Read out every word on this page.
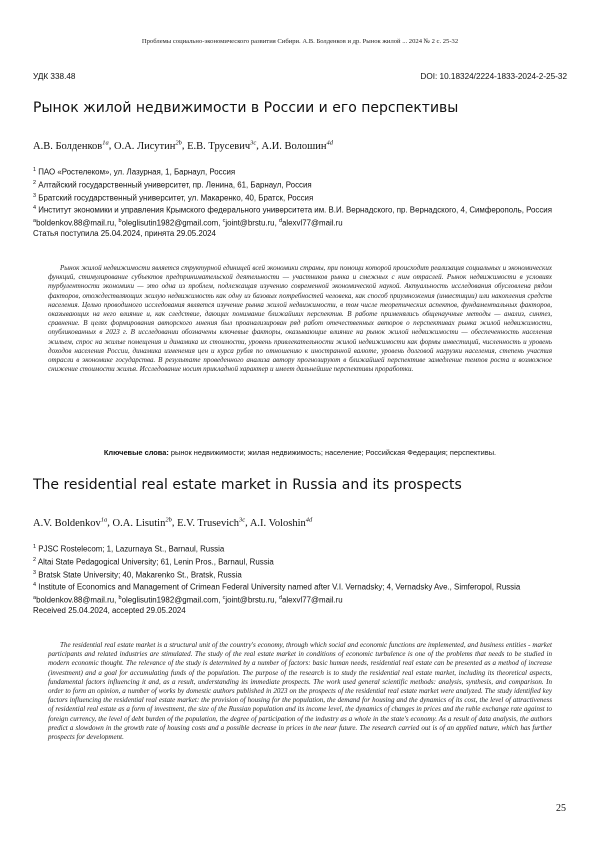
Проблемы социально-экономического развития Сибири. А.В. Болденков и др. Рынок жилой ... 2024 № 2 с. 25-32
УДК 338.48	DOI: 10.18324/2224-1833-2024-2-25-32
Рынок жилой недвижимости в России и его перспективы
А.В. Болденков$^{1a}$, О.А. Лисутин$^{2b}$, Е.В. Трусевич$^{3c}$, А.И. Волошин$^{4d}$

$^1$ ПАО «Ростелеком», ул. Лазурная, 1, Барнаул, Россия

$^2$ Алтайский государственный университет, пр. Ленина, 61, Барнаул, Россия

$^3$ Братский государственный университет, ул. Макаренко, 40, Братск, Россия

$^4$ Институт экономики и управления Крымского федерального университета им. В.И. Вернадского, пр. Вернадского, 4, Симферополь, Россия

$^a$boldenkov.88@mail.ru, $^b$oleglisutin1982@gmail.com, $^c$joint@brstu.ru, $^d$alexvl77@mail.ru

Статья поступила 25.04.2024, принята 29.05.2024

Рынок жилой недвижимости является структурной единицей всей экономики страны, при помощи которой происходит реализация социальных и экономических функций, стимулирование субъектов предпринимательской деятельности — участников рынка и смежных с ним отраслей. Рынок недвижимости в условиях турбулентности экономики — это одна из проблем, подлежащая изучению современной экономической наукой. Актуальность исследования обусловлена рядом факторов, отождествляющих жилую недвижимость как одну из базовых потребностей человека, как способ приумножения (инвестиции) или накопления средств населения. Целью проводимого исследования является изучение рынка жилой недвижимости, в том числе теоретических аспектов, фундаментальных факторов, оказывающих на него влияние и, как следствие, дающих понимание ближайших перспектив. В работе применялись общенаучные методы — анализ, синтез, сравнение. В целях формирования авторского мнения был проанализирован ряд работ отечественных авторов о перспективах рынка жилой недвижимости, опубликованных в 2023 г. В исследовании обозначены ключевые факторы, оказывающие влияние на рынок жилой недвижимости — обеспеченность населения жильем, спрос на жилые помещения и динамика их стоимости, уровень привлекательности жилой недвижимости как формы инвестиций, численность и уровень доходов населения России, динамика изменения цен и курса рубля по отношению к иностранной валюте, уровень долговой нагрузки населения, степень участия отрасли в экономике государства. В результате проведенного анализа автору прогнозируют в ближайшей перспективе замедление темпов роста и возможное снижение стоимости жилья. Исследование носит прикладной характер и имеет дальнейшие перспективы проработки.

Ключевые слова: рынок недвижимости; жилая недвижимость; население; Российская Федерация; перспективы.
The residential real estate market in Russia and its prospects
A.V. Boldenkov$^{1a}$, O.A. Lisutin$^{2b}$, E.V. Trusevich$^{3c}$, A.I. Voloshin$^{4d}$

$^1$ PJSC Rostelecom; 1, Lazurnaya St., Barnaul, Russia

$^2$ Altai State Pedagogical University; 61, Lenin Pros., Barnaul, Russia

$^3$ Bratsk State University; 40, Makarenko St., Bratsk, Russia

$^4$ Institute of Economics and Management of Crimean Federal University named after V.I. Vernadsky; 4, Vernadsky Ave., Simferopol, Russia

$^a$boldenkov.88@mail.ru, $^b$oleglisutin1982@gmail.com, $^c$joint@brstu.ru, $^d$alexvl77@mail.ru

Received 25.04.2024, accepted 29.05.2024

The residential real estate market is a structural unit of the country's economy, through which social and economic functions are implemented, and business entities - market participants and related industries are stimulated. The study of the real estate market in conditions of economic turbulence is one of the problems that needs to be studied in modern economic thought. The relevance of the study is determined by a number of factors: basic human needs, residential real estate can be presented as a method of increase (investment) and a goal for accumulating funds of the population. The purpose of the research is to study the residential real estate market, including its theoretical aspects, fundamental factors influencing it and, as a result, understanding its immediate prospects. The work used general scientific methods: analysis, synthesis, and comparison. In order to form an opinion, a number of works by domestic authors published in 2023 on the prospects of the residential real estate market were analyzed. The study identified key factors influencing the residential real estate market: the provision of housing for the population, the demand for housing and the dynamics of its cost, the level of attractiveness of residential real estate as a form of investment, the size of the Russian population and its income level, the dynamics of changes in prices and the ruble exchange rate against to foreign currency, the level of debt burden of the population, the degree of participation of the industry as a whole in the state's economy. As a result of data analysis, the authors predict a slowdown in the growth rate of housing costs and a possible decrease in prices in the near future. The research carried out is of an applied nature, which has further prospects for development.

25
